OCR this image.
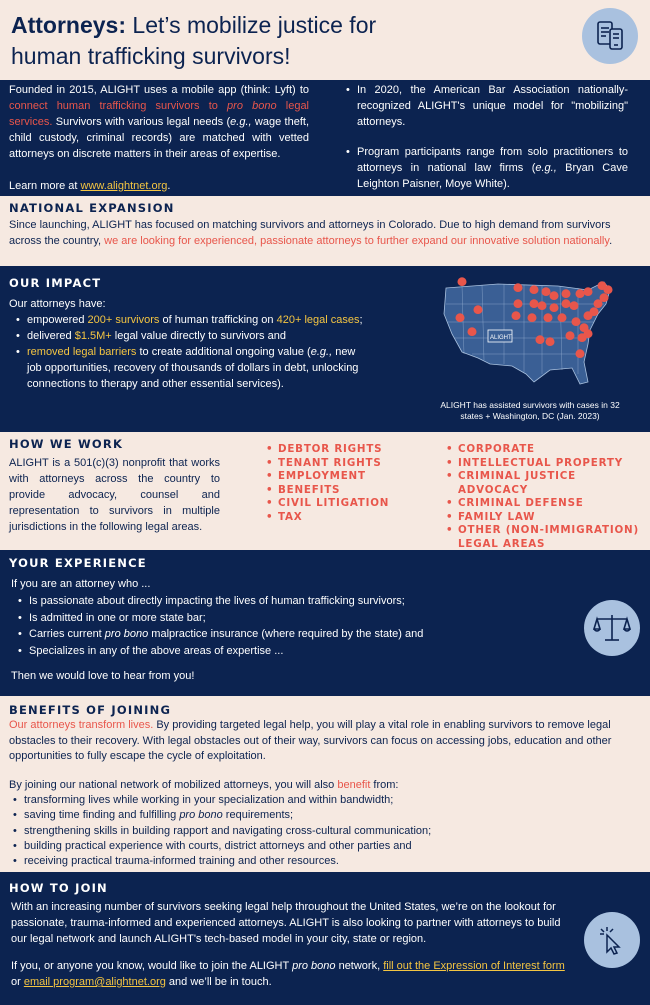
Attorneys: Let’s mobilize justice for
human trafficking survivors!
Founded in 2015, ALIGHT uses a mobile app (think: Lyft) to connect human trafficking survivors to pro bono legal services. Survivors with various legal needs (e.g., wage theft, child custody, criminal records) are matched with vetted attorneys on discrete matters in their areas of expertise.
Learn more at www.alightnet.org.
• In 2020, the American Bar Association nationally-recognized ALIGHT's unique model for "mobilizing" attorneys.
• Program participants range from solo practitioners to attorneys in national law firms (e.g., Bryan Cave Leighton Paisner, Moye White).
NATIONAL EXPANSION
Since launching, ALIGHT has focused on matching survivors and attorneys in Colorado. Due to high demand from survivors across the country, we are looking for experienced, passionate attorneys to further expand our innovative solution nationally.
OUR IMPACT
Our attorneys have:
• empowered 200+ survivors of human trafficking on 420+ legal cases;
• delivered $1.5M+ legal value directly to survivors and
• removed legal barriers to create additional ongoing value (e.g., new job opportunities, recovery of thousands of dollars in debt, unlocking connections to therapy and other essential services).
ALIGHT
ALIGHT has assisted survivors with cases in 32 states + Washington, DC (Jan. 2023)
HOW WE WORK
ALIGHT is a 501(c)(3) nonprofit that works with attorneys across the country to provide advocacy, counsel and representation to survivors in multiple jurisdictions in the following legal areas.
• DEBTOR RIGHTS
• TENANT RIGHTS
• EMPLOYMENT
• BENEFITS
• CIVIL LITIGATION
• TAX
• CORPORATE
• INTELLECTUAL PROPERTY
• CRIMINAL JUSTICE ADVOCACY
• CRIMINAL DEFENSE
• FAMILY LAW
• OTHER (NON-IMMIGRATION) LEGAL AREAS
YOUR EXPERIENCE
If you are an attorney who ...
• Is passionate about directly impacting the lives of human trafficking survivors;
• Is admitted in one or more state bar;
• Carries current pro bono malpractice insurance (where required by the state) and
• Specializes in any of the above areas of expertise ...
Then we would love to hear from you!
BENEFITS OF JOINING
Our attorneys transform lives. By providing targeted legal help, you will play a vital role in enabling survivors to remove legal obstacles to their recovery. With legal obstacles out of their way, survivors can focus on accessing jobs, education and other opportunities to fully escape the cycle of exploitation.
By joining our national network of mobilized attorneys, you will also benefit from:
• transforming lives while working in your specialization and within bandwidth;
• saving time finding and fulfilling pro bono requirements;
• strengthening skills in building rapport and navigating cross-cultural communication;
• building practical experience with courts, district attorneys and other parties and
• receiving practical trauma-informed training and other resources.
HOW TO JOIN
With an increasing number of survivors seeking legal help throughout the United States, we’re on the lookout for passionate, trauma-informed and experienced attorneys. ALIGHT is also looking to partner with attorneys to build our legal network and launch ALIGHT's tech-based model in your city, state or region.
If you, or anyone you know, would like to join the ALIGHT pro bono network, fill out the Expression of Interest form or email program@alightnet.org and we’ll be in touch.
